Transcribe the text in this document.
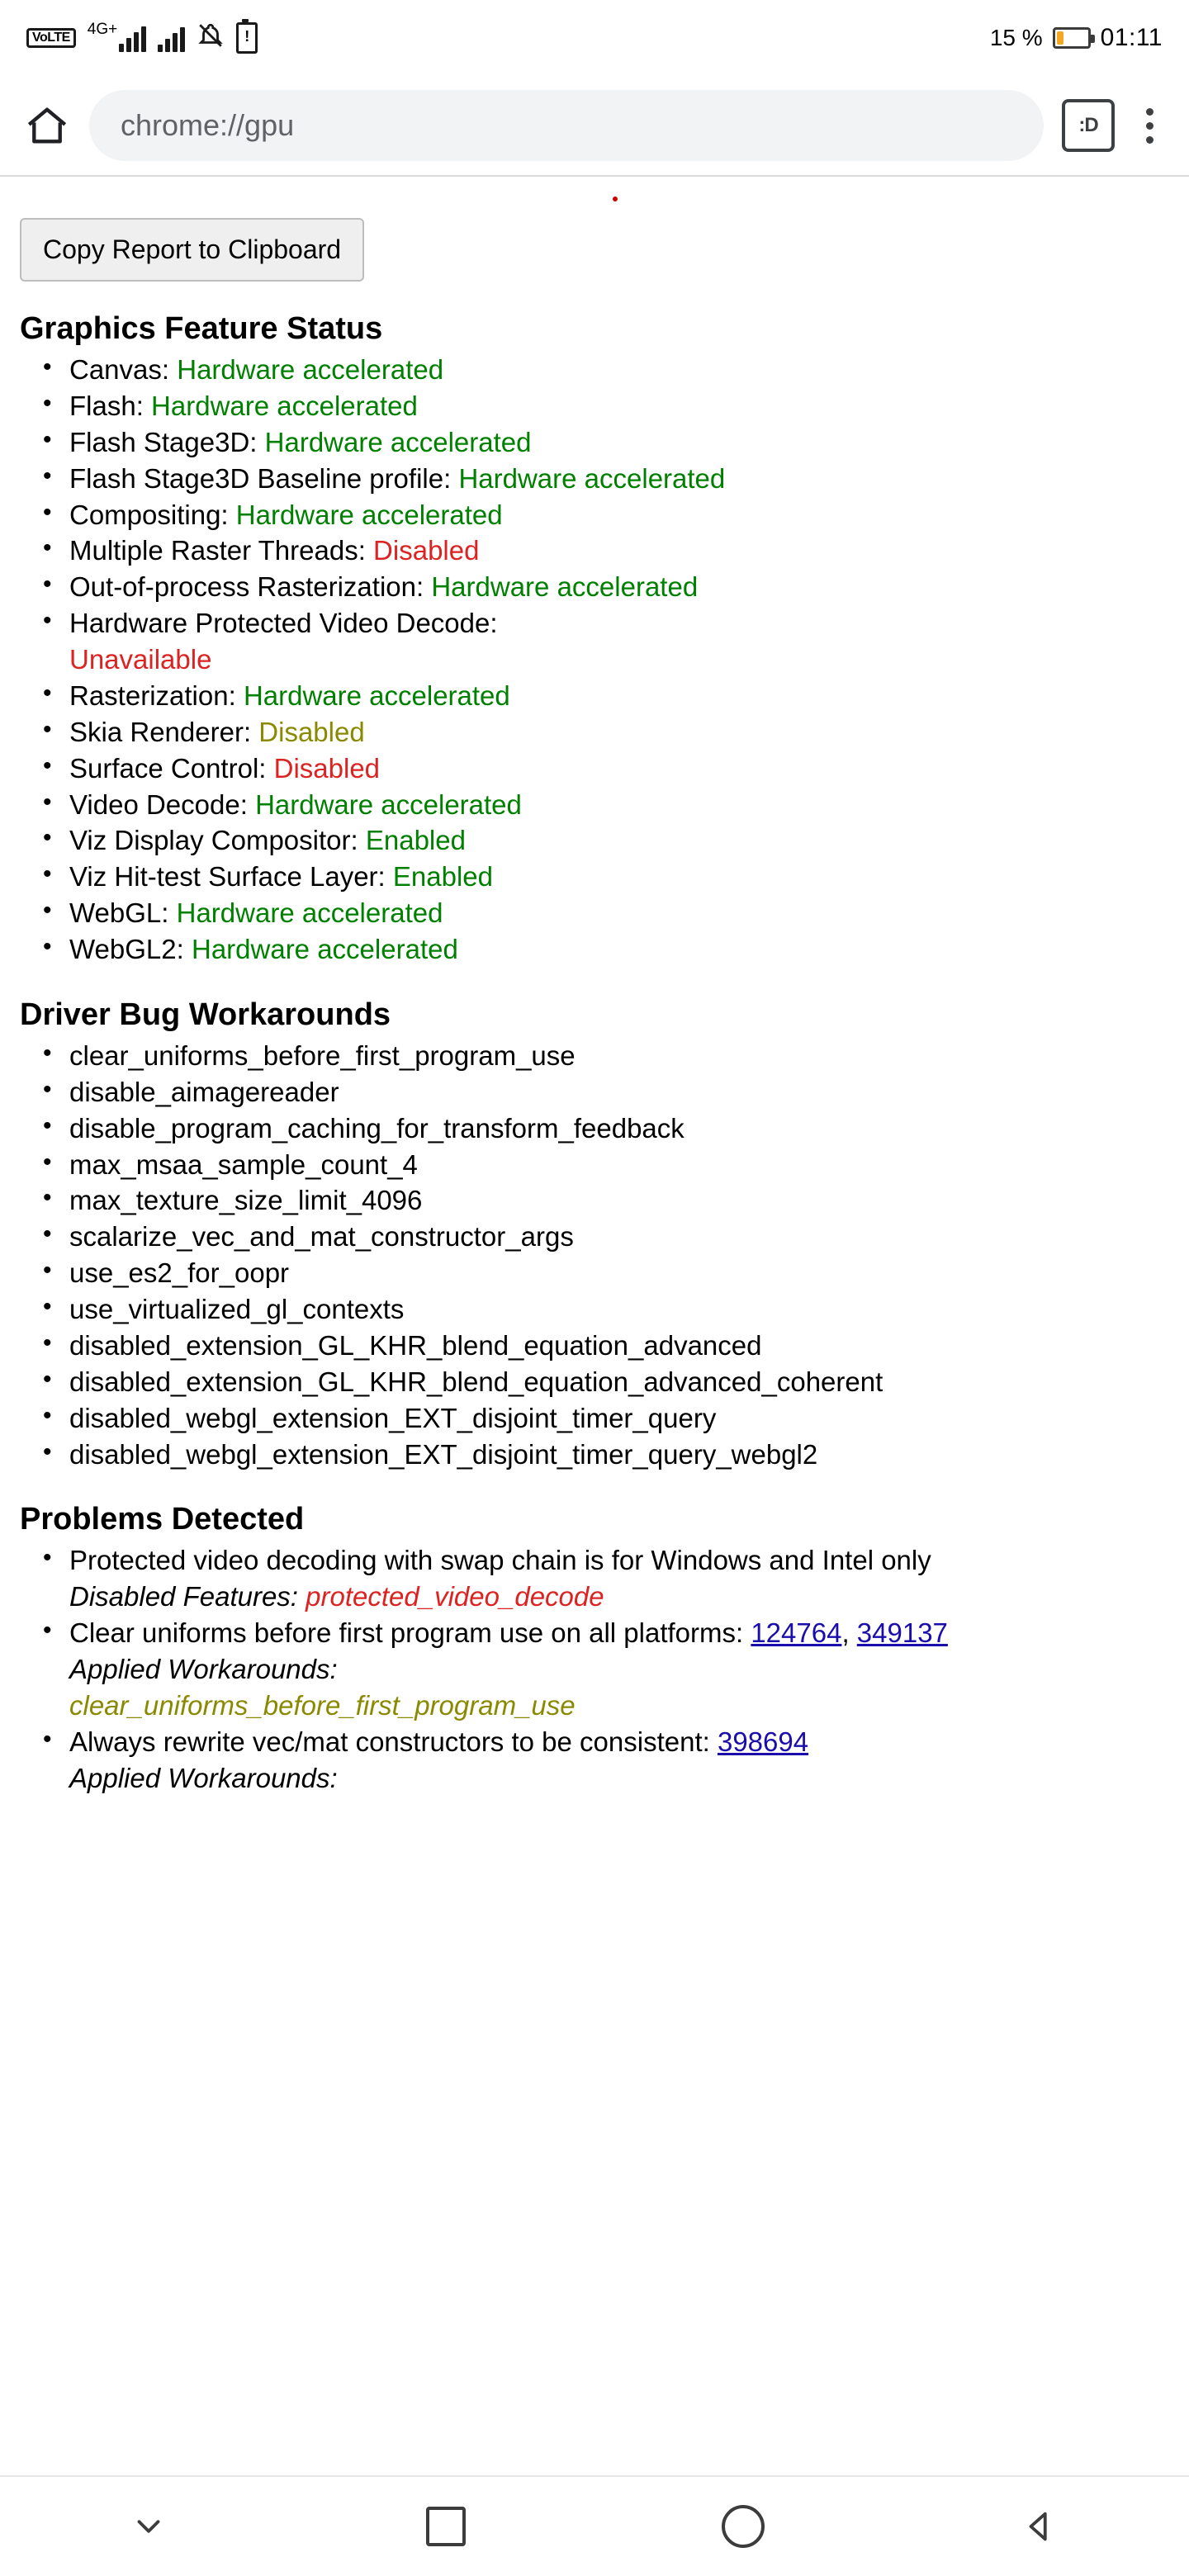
VoLTE	4G+ !	15 % 01:11
chrome://gpu	:D
Copy Report to Clipboard
Graphics Feature Status
• Canvas: Hardware accelerated
• Flash: Hardware accelerated
• Flash Stage3D: Hardware accelerated
• Flash Stage3D Baseline profile: Hardware accelerated
• Compositing: Hardware accelerated
• Multiple Raster Threads: Disabled
• Out-of-process Rasterization: Hardware accelerated
• Hardware Protected Video Decode:
Unavailable
• Rasterization: Hardware accelerated
• Skia Renderer: Disabled
• Surface Control: Disabled
• Video Decode: Hardware accelerated
• Viz Display Compositor: Enabled
• Viz Hit-test Surface Layer: Enabled
• WebGL: Hardware accelerated
• WebGL2: Hardware accelerated
Driver Bug Workarounds
• clear_uniforms_before_first_program_use
• disable_aimagereader
• disable_program_caching_for_transform_feedback
• max_msaa_sample_count_4
• max_texture_size_limit_4096
• scalarize_vec_and_mat_constructor_args
• use_es2_for_oopr
• use_virtualized_gl_contexts
• disabled_extension_GL_KHR_blend_equation_advanced
• disabled_extension_GL_KHR_blend_equation_advanced_coherent
• disabled_webgl_extension_EXT_disjoint_timer_query
• disabled_webgl_extension_EXT_disjoint_timer_query_webgl2
Problems Detected
• Protected video decoding with swap chain is for Windows and Intel only
Disabled Features: protected_video_decode
• Clear uniforms before first program use on all platforms: 124764, 349137
Applied Workarounds:
clear_uniforms_before_first_program_use
• Always rewrite vec/mat constructors to be consistent: 398694
Applied Workarounds:
